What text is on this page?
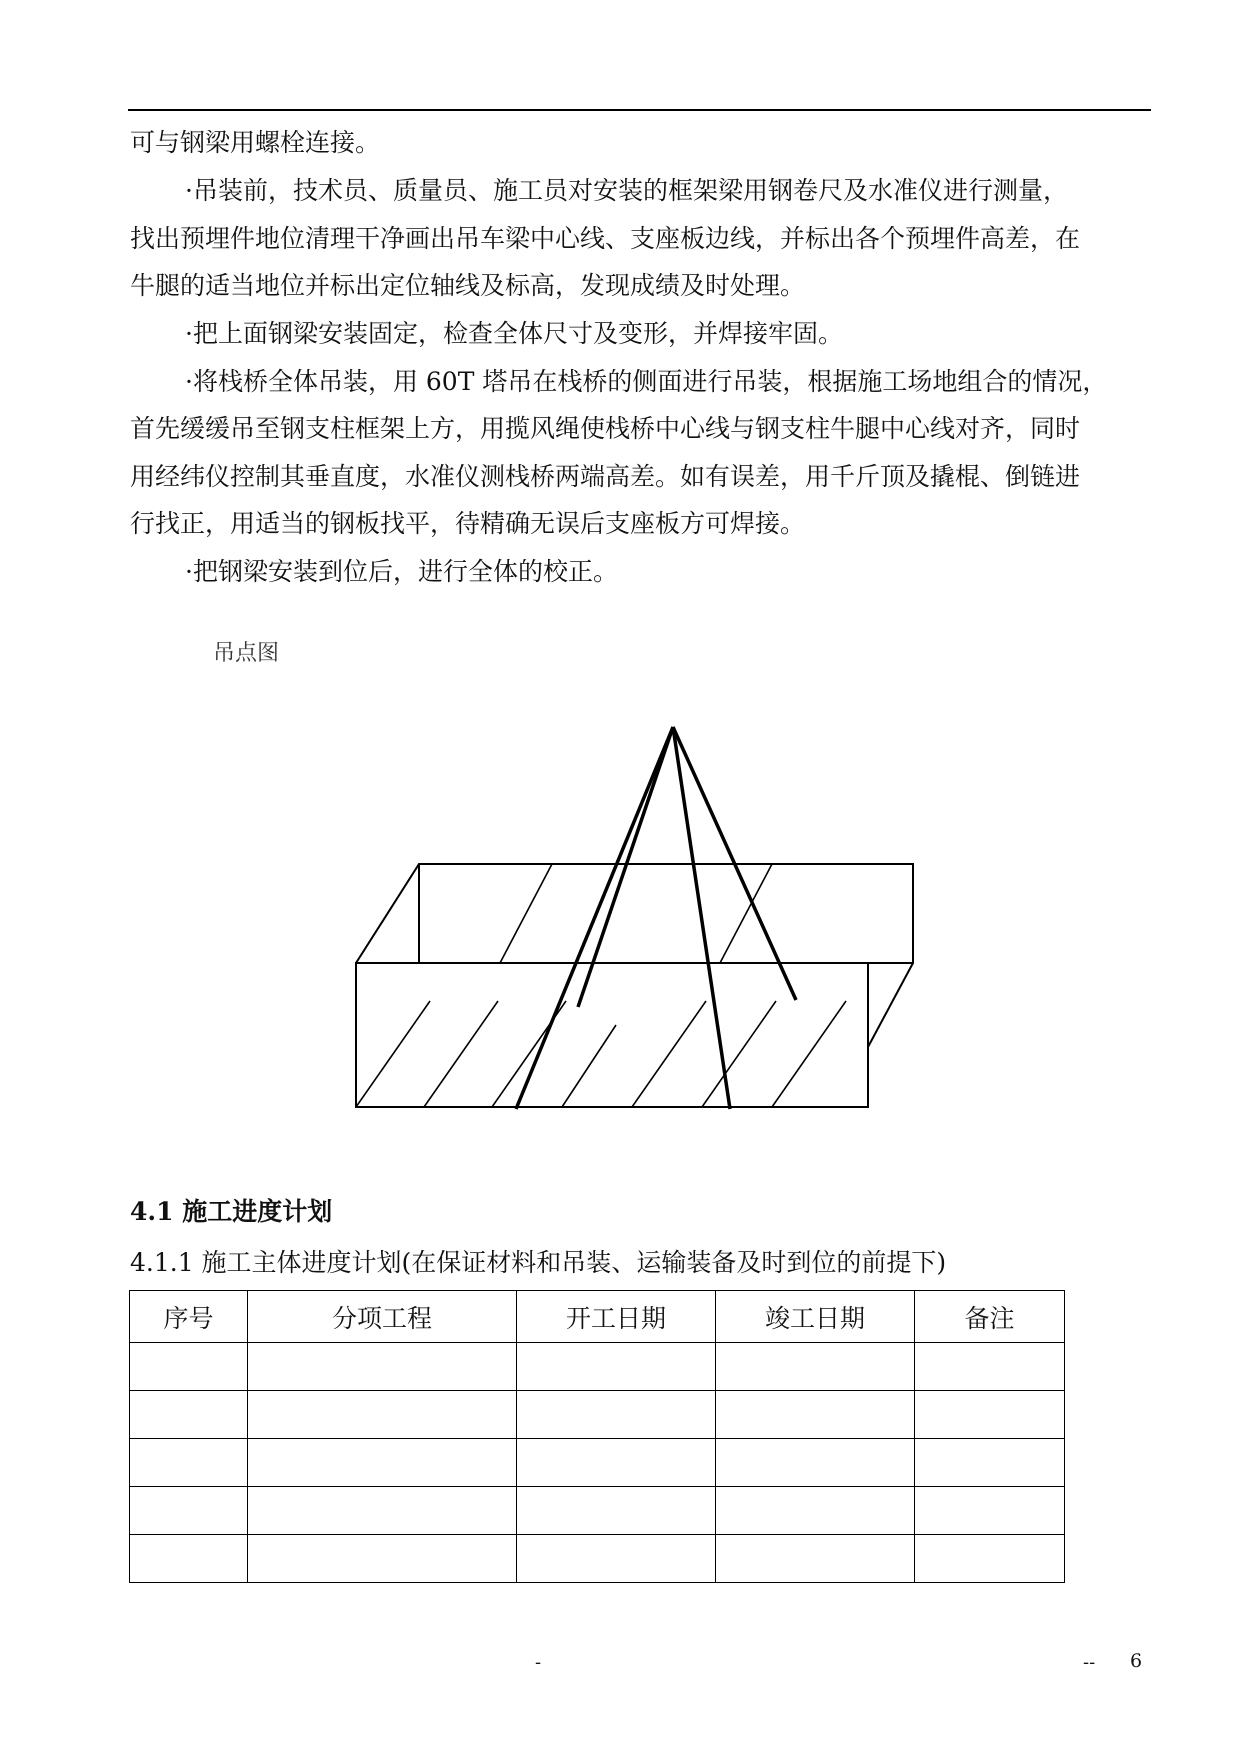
可与钢梁用螺栓连接。
·吊装前，技术员、质量员、施工员对安装的框架梁用钢卷尺及水准仪进行测量，
找出预埋件地位清理干净画出吊车梁中心线、支座板边线，并标出各个预埋件高差，在
牛腿的适当地位并标出定位轴线及标高，发现成绩及时处理。
·把上面钢梁安装固定，检查全体尺寸及变形，并焊接牢固。
·将栈桥全体吊装，用 60T 塔吊在栈桥的侧面进行吊装，根据施工场地组合的情况，
首先缓缓吊至钢支柱框架上方，用揽风绳使栈桥中心线与钢支柱牛腿中心线对齐，同时
用经纬仪控制其垂直度，水准仪测栈桥两端高差。如有误差，用千斤顶及撬棍、倒链进
行找正，用适当的钢板找平，待精确无误后支座板方可焊接。
·把钢梁安装到位后，进行全体的校正。
吊点图
4.1 施工进度计划
4.1.1 施工主体进度计划(在保证材料和吊装、运输装备及时到位的前提下)
序号	分项工程	开工日期	竣工日期	备注

-	-- 6
